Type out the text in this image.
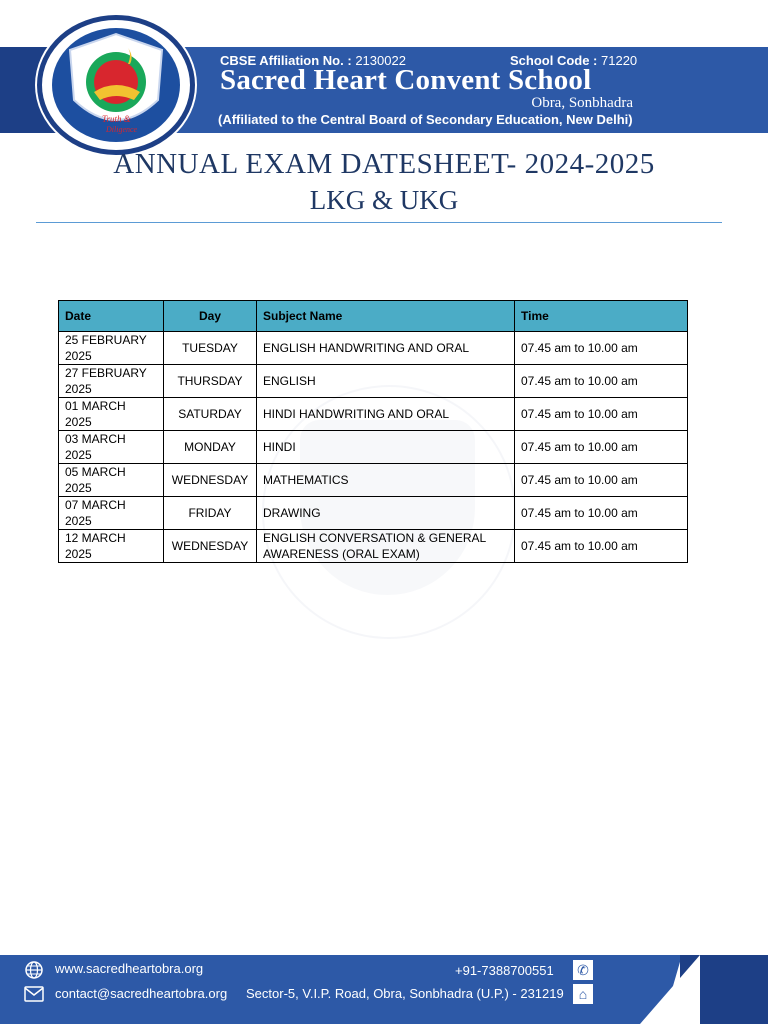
Truth &
Diligence
CBSE Affiliation No. : 2130022	School Code : 71220
Sacred Heart Convent School
Obra, Sonbhadra
(Affiliated to the Central Board of Secondary Education, New Delhi)
ANNUAL EXAM DATESHEET- 2024-2025
LKG & UKG
Date	Day	Subject Name	Time
25 FEBRUARY
2025	TUESDAY	ENGLISH HANDWRITING AND ORAL	07.45 am to 10.00 am
27 FEBRUARY
2025	THURSDAY	ENGLISH	07.45 am to 10.00 am
01 MARCH
2025	SATURDAY	HINDI HANDWRITING AND ORAL	07.45 am to 10.00 am
03 MARCH
2025	MONDAY	HINDI	07.45 am to 10.00 am
05 MARCH
2025	WEDNESDAY	MATHEMATICS	07.45 am to 10.00 am
07 MARCH
2025	FRIDAY	DRAWING	07.45 am to 10.00 am
12 MARCH
2025	WEDNESDAY	ENGLISH CONVERSATION & GENERAL
AWARENESS (ORAL EXAM)	07.45 am to 10.00 am
www.sacredheartobra.org
contact@sacredheartobra.org
+91-7388700551 ✆
Sector-5, V.I.P. Road, Obra, Sonbhadra (U.P.) - 231219	⌂
